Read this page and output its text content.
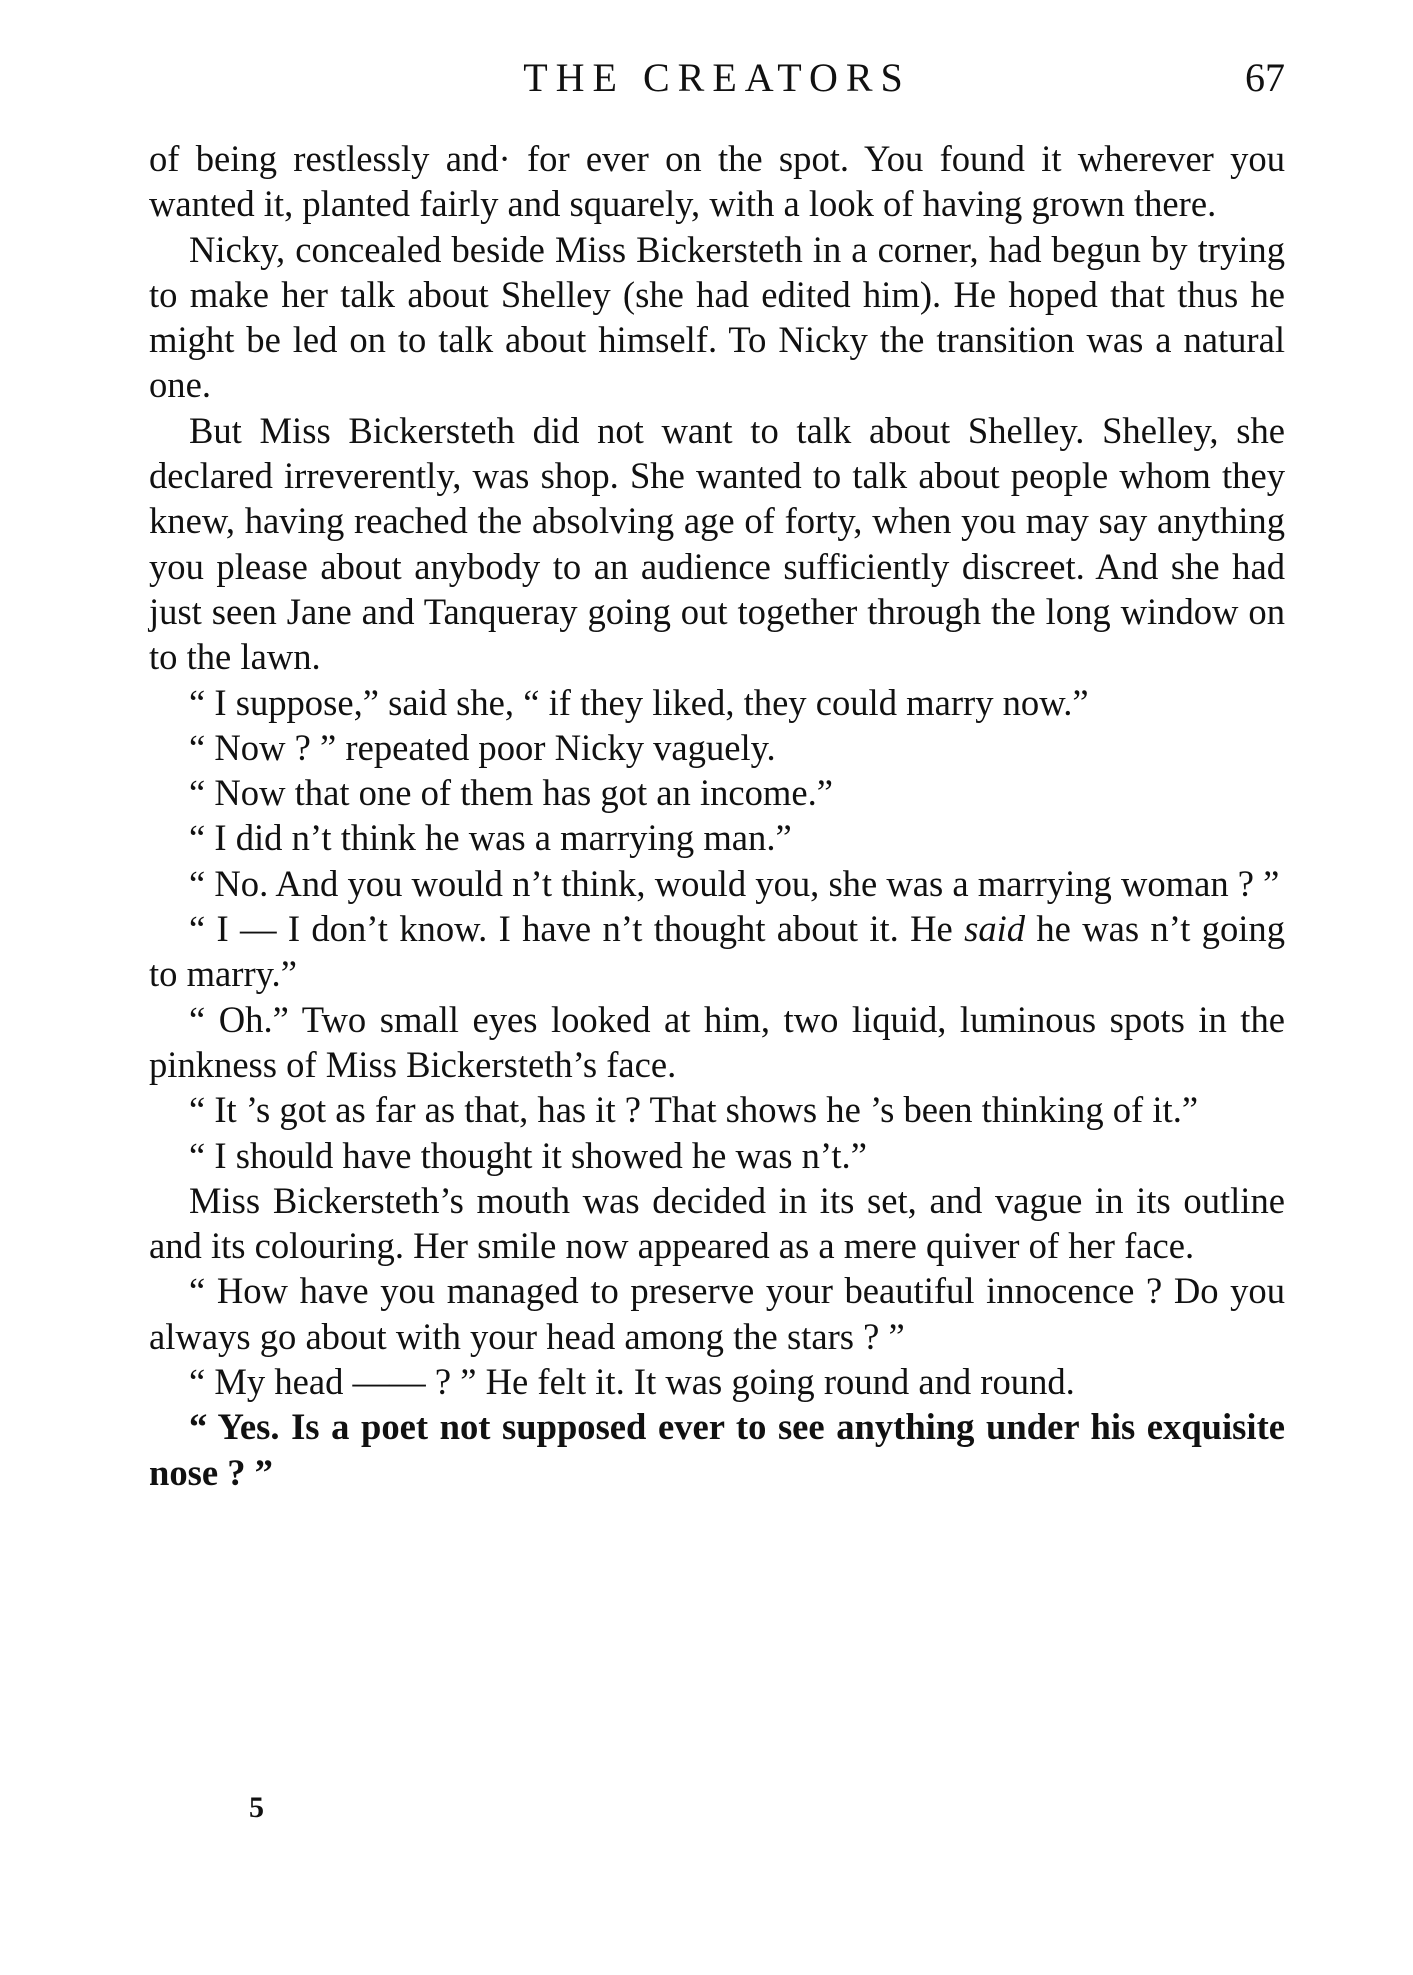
THE CREATORS	67

of being restlessly and· for ever on the spot. You found it wherever you wanted it, planted fairly and squarely, with a look of having grown there.

Nicky, concealed beside Miss Bickersteth in a corner, had begun by trying to make her talk about Shelley (she had edited him). He hoped that thus he might be led on to talk about himself. To Nicky the transition was a natural one.

But Miss Bickersteth did not want to talk about Shelley. Shelley, she declared irreverently, was shop. She wanted to talk about people whom they knew, having reached the absolving age of forty, when you may say anything you please about anybody to an audience sufficiently discreet. And she had just seen Jane and Tanqueray going out together through the long window on to the lawn.

“ I suppose,” said she, “ if they liked, they could marry now.”

“ Now ? ” repeated poor Nicky vaguely.

“ Now that one of them has got an income.”

“ I did n’t think he was a marrying man.”

“ No. And you would n’t think, would you, she was a marrying woman ? ”

“ I — I don’t know. I have n’t thought about it. He said he was n’t going to marry.”

“ Oh.” Two small eyes looked at him, two liquid, luminous spots in the pinkness of Miss Bickersteth’s face.

“ It ’s got as far as that, has it ? That shows he ’s been thinking of it.”

“ I should have thought it showed he was n’t.”

Miss Bickersteth’s mouth was decided in its set, and vague in its outline and its colouring. Her smile now appeared as a mere quiver of her face.

“ How have you managed to preserve your beautiful innocence ? Do you always go about with your head among the stars ? ”

“ My head —— ? ” He felt it. It was going round and round.

“ Yes. Is a poet not supposed ever to see anything under his exquisite nose ? ”

5
